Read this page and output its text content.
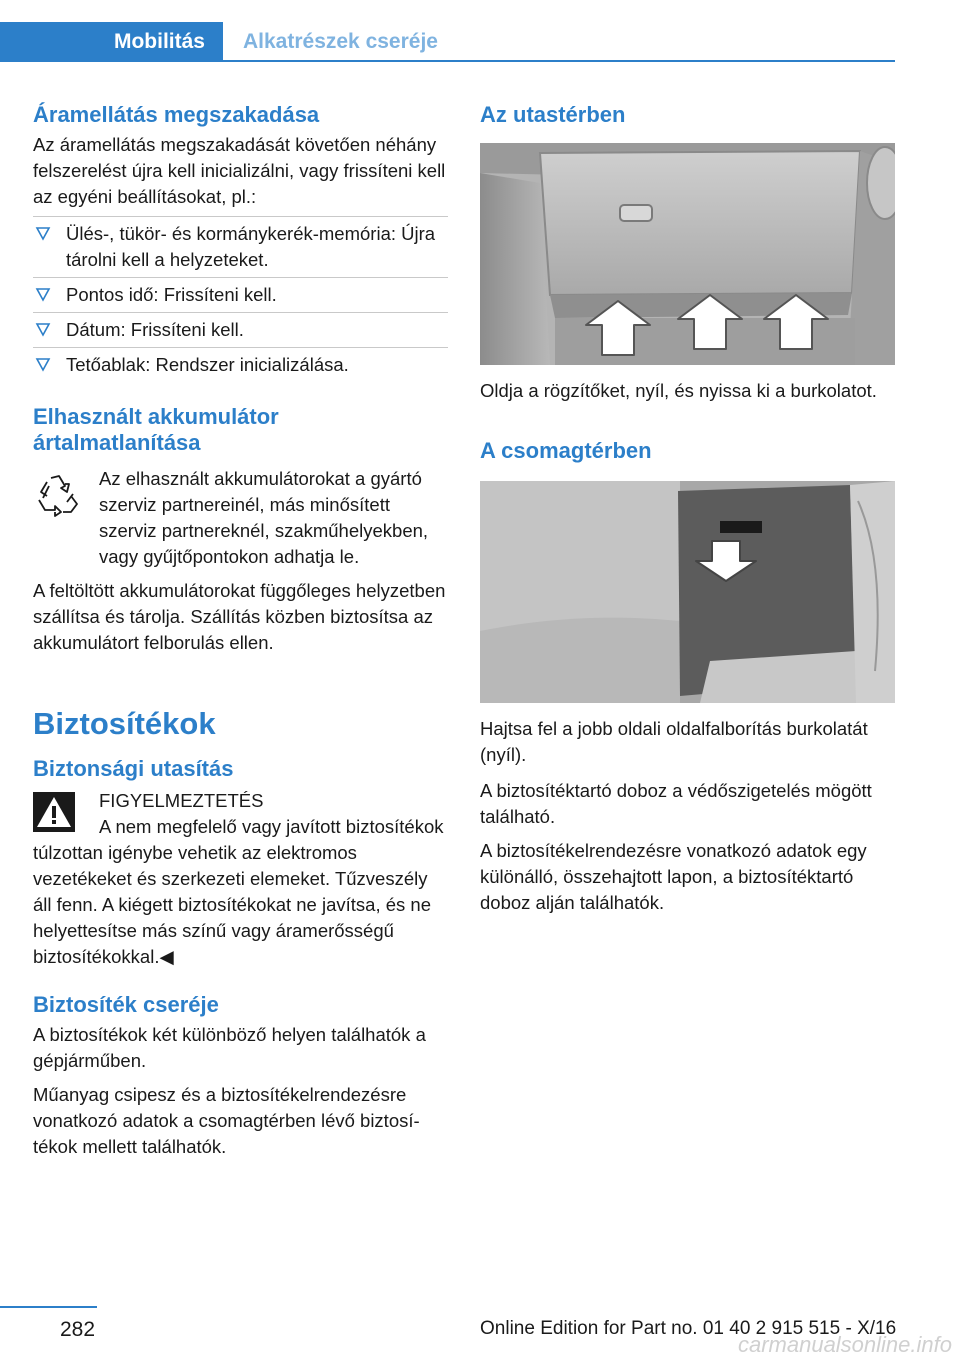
Mobilitás	Alkatrészek cseréje
Áramellátás megszakadása
Az áramellátás megszakadását követően néhány felszerelést újra kell inicializálni, vagy frissíteni kell az egyéni beállításokat, pl.:
Ülés-, tükör- és kormánykerék-memória: Újra tárolni kell a helyzeteket.
Pontos idő: Frissíteni kell.
Dátum: Frissíteni kell.
Tetőablak: Rendszer inicializálása.
Elhasznált akkumulátor ártalmatlanítása
Az elhasznált akkumulátorokat a gyártó szerviz partnereinél, más minősített szerviz partnereknél, szakműhelyekben, vagy gyűjtőpontokon adhatja le.
A feltöltött akkumulátorokat függőleges helyzetben szállítsa és tárolja. Szállítás közben biztosítsa az akkumulátort felborulás ellen.
Biztosítékok
Biztonsági utasítás
FIGYELMEZTETÉS
A nem megfelelő vagy javított biztosítékok túlzottan igénybe vehetik az elektromos vezetékeket és szerkezeti elemeket. Tűzveszély áll fenn. A kiégett biztosítékokat ne javítsa, és ne helyettesítse más színű vagy áramerősségű biztosítékokkal.◀
Biztosíték cseréje
A biztosítékok két különböző helyen találhatók a gépjárműben.
Műanyag csipesz és a biztosítékelrendezésre vonatkozó adatok a csomagtérben lévő biztosítékok mellett találhatók.
Az utastérben
Oldja a rögzítőket, nyíl, és nyissa ki a burkolatot.
A csomagtérben
Hajtsa fel a jobb oldali oldalfalborítás burkolatát (nyíl).
A biztosítéktartó doboz a védőszigetelés mögött található.
A biztosítékelrendezésre vonatkozó adatok egy különálló, összehajtott lapon, a biztosítéktartó doboz alján találhatók.
282	Online Edition for Part no. 01 40 2 915 515 - X/16
carmanualsonline.info
